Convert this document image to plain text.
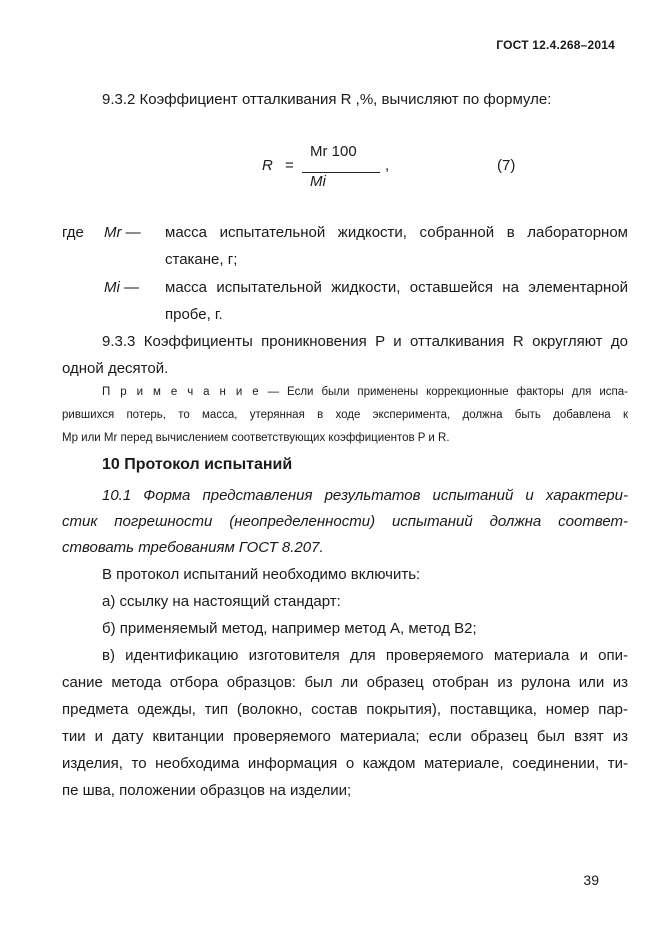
ГОСТ 12.4.268–2014
9.3.2 Коэффициент отталкивания R ,%, вычисляют по формуле:
R =
Mr 100
Mi
,	(7)
где Mr — масса испытательной жидкости, собранной в лабораторном
стакане, г;
Mi — масса испытательной жидкости, оставшейся на элементарной
пробе, г.
9.3.3 Коэффициенты проникновения P и отталкивания R округляют до
одной десятой.
П р и м е ч а н и е — Если были применены коррекционные факторы для испа-
рившихся потерь, то масса, утерянная в ходе эксперимента, должна быть добавлена к
Mp или Mr перед вычислением соответствующих коэффициентов P и R.
10 Протокол испытаний
10.1 Форма представления результатов испытаний и характери-
стик погрешности (неопределенности) испытаний должна соответ-
ствовать требованиям ГОСТ 8.207.
В протокол испытаний необходимо включить:
а) ссылку на настоящий стандарт:
б) применяемый метод, например метод А, метод В2;
в) идентификацию изготовителя для проверяемого материала и опи-
сание метода отбора образцов: был ли образец отобран из рулона или из
предмета одежды, тип (волокно, состав покрытия), поставщика, номер пар-
тии и дату квитанции проверяемого материала; если образец был взят из
изделия, то необходима информация о каждом материале, соединении, ти-
пе шва, положении образцов на изделии;
39
